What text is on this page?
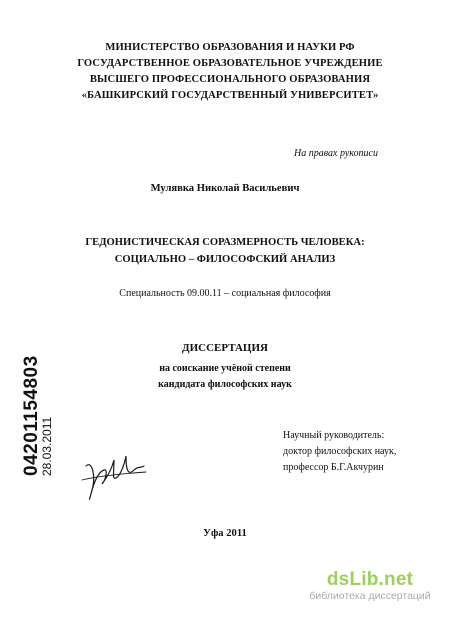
МИНИСТЕРСТВО ОБРАЗОВАНИЯ И НАУКИ РФ
ГОСУДАРСТВЕННОЕ ОБРАЗОВАТЕЛЬНОЕ УЧРЕЖДЕНИЕ
ВЫСШЕГО ПРОФЕССИОНАЛЬНОГО ОБРАЗОВАНИЯ
«БАШКИРСКИЙ ГОСУДАРСТВЕННЫЙ УНИВЕРСИТЕТ»
На правах рукописи
Мулявка Николай Васильевич
ГЕДОНИСТИЧЕСКАЯ СОРАЗМЕРНОСТЬ ЧЕЛОВЕКА:
СОЦИАЛЬНО – ФИЛОСОФСКИЙ АНАЛИЗ
Специальность 09.00.11 – социальная философия
ДИССЕРТАЦИЯ
на соискание учёной степени
кандидата философских наук
04201154803
28.03.2011	Научный руководитель:
доктор философских наук,
профессор Б.Г.Акчурин
Уфа 2011
dsLib.net
библиотека диссертаций
